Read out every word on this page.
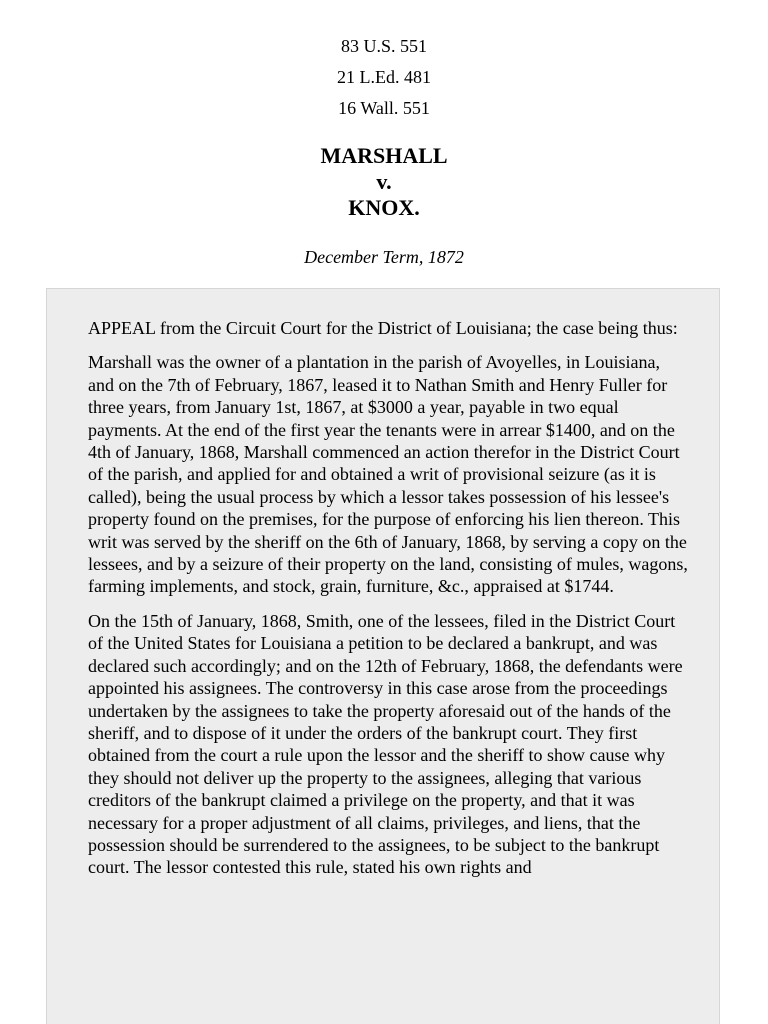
83 U.S. 551
21 L.Ed. 481
16 Wall. 551
MARSHALL
v.
KNOX.
December Term, 1872

APPEAL from the Circuit Court for the District of Louisiana; the case being thus:

Marshall was the owner of a plantation in the parish of Avoyelles, in Louisiana, and on the 7th of February, 1867, leased it to Nathan Smith and Henry Fuller for three years, from January 1st, 1867, at $3000 a year, payable in two equal payments. At the end of the first year the tenants were in arrear $1400, and on the 4th of January, 1868, Marshall commenced an action therefor in the District Court of the parish, and applied for and obtained a writ of provisional seizure (as it is called), being the usual process by which a lessor takes possession of his lessee's property found on the premises, for the purpose of enforcing his lien thereon. This writ was served by the sheriff on the 6th of January, 1868, by serving a copy on the lessees, and by a seizure of their property on the land, consisting of mules, wagons, farming implements, and stock, grain, furniture, &c., appraised at $1744.

On the 15th of January, 1868, Smith, one of the lessees, filed in the District Court of the United States for Louisiana a petition to be declared a bankrupt, and was declared such accordingly; and on the 12th of February, 1868, the defendants were appointed his assignees. The controversy in this case arose from the proceedings undertaken by the assignees to take the property aforesaid out of the hands of the sheriff, and to dispose of it under the orders of the bankrupt court. They first obtained from the court a rule upon the lessor and the sheriff to show cause why they should not deliver up the property to the assignees, alleging that various creditors of the bankrupt claimed a privilege on the property, and that it was necessary for a proper adjustment of all claims, privileges, and liens, that the possession should be surrendered to the assignees, to be subject to the bankrupt court. The lessor contested this rule, stated his own rights and
